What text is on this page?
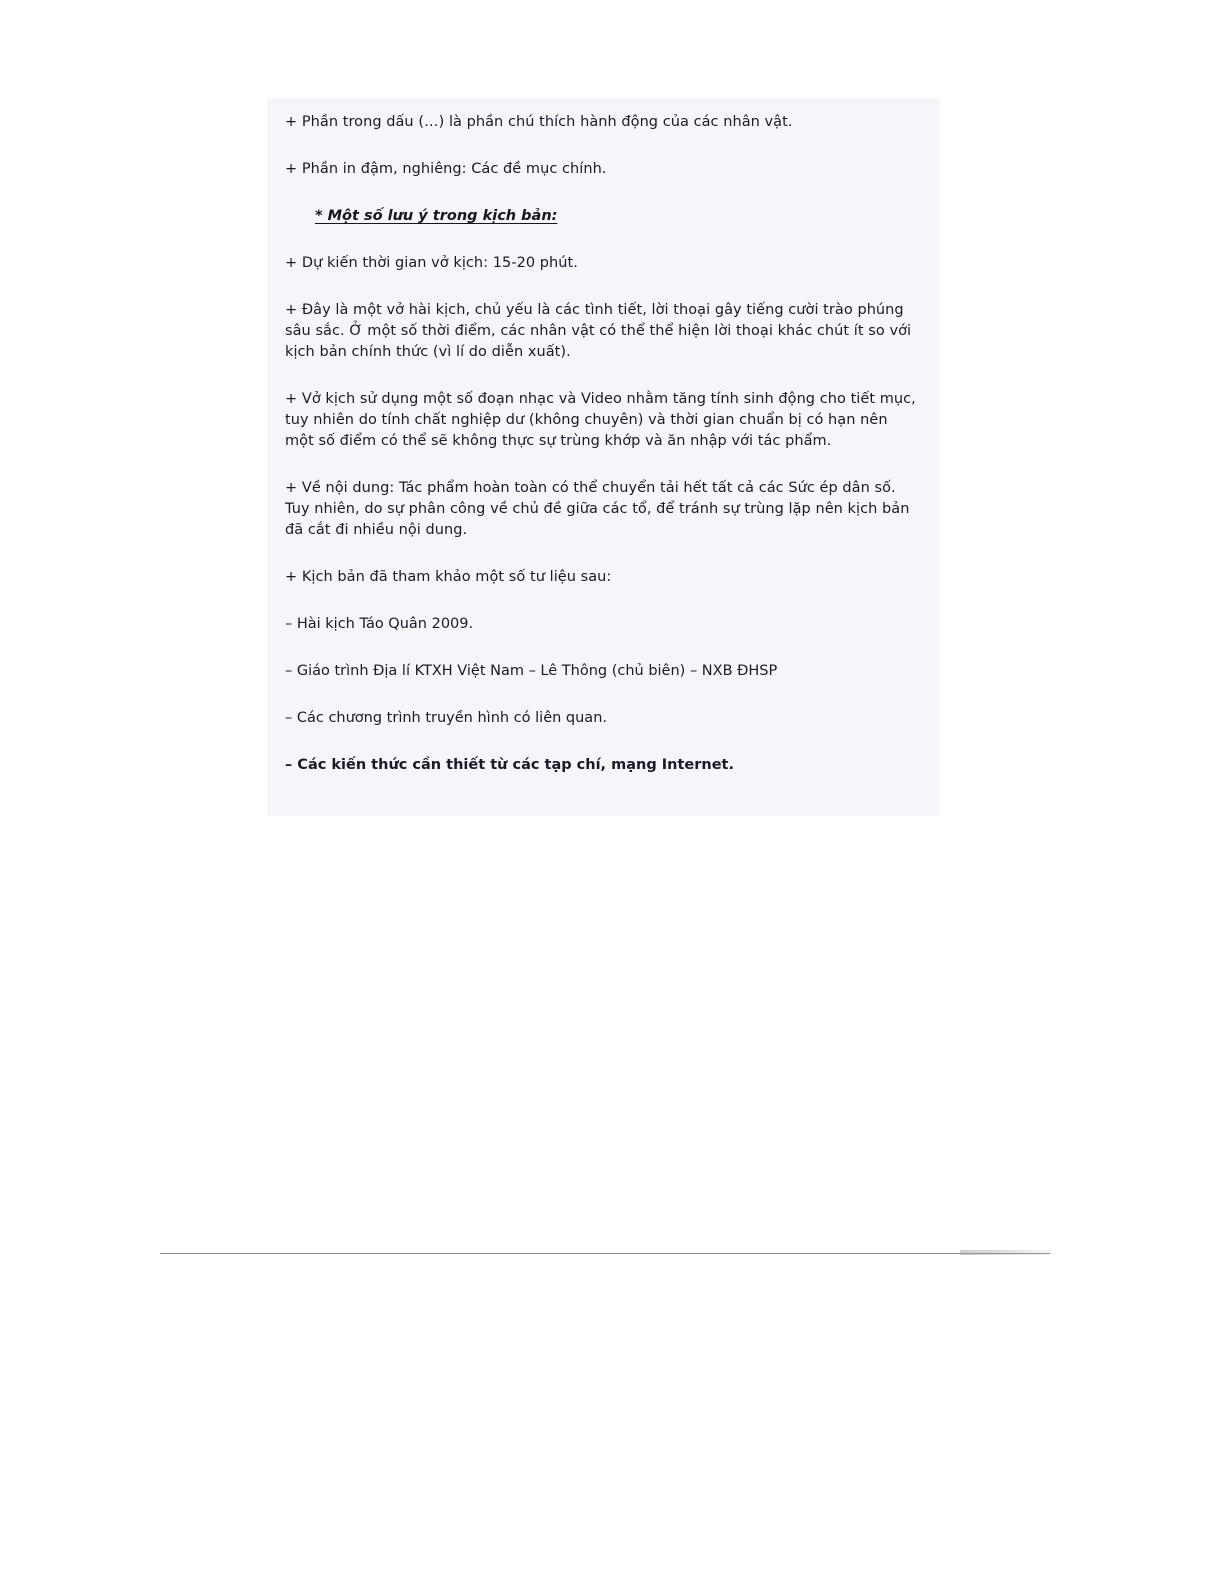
+ Phần trong dấu (…) là phần chú thích hành động của các nhân vật.

+ Phần in đậm, nghiêng: Các đề mục chính.

* Một số lưu ý trong kịch bản:

+ Dự kiến thời gian vở kịch: 15-20 phút.

+ Đây là một vở hài kịch, chủ yếu là các tình tiết, lời thoại gây tiếng cười trào phúng sâu sắc. Ở một số thời điểm, các nhân vật có thể thể hiện lời thoại khác chút ít so với kịch bản chính thức (vì lí do diễn xuất).

+ Vở kịch sử dụng một số đoạn nhạc và Video nhằm tăng tính sinh động cho tiết mục, tuy nhiên do tính chất nghiệp dư (không chuyên) và thời gian chuẩn bị có hạn nên một số điểm có thể sẽ không thực sự trùng khớp và ăn nhập với tác phẩm.

+ Về nội dung: Tác phẩm hoàn toàn có thể chuyển tải hết tất cả các Sức ép dân số. Tuy nhiên, do sự phân công về chủ đề giữa các tổ, để tránh sự trùng lặp nên kịch bản đã cắt đi nhiều nội dung.

+ Kịch bản đã tham khảo một số tư liệu sau:

– Hài kịch Táo Quân 2009.

– Giáo trình Địa lí KTXH Việt Nam – Lê Thông (chủ biên) – NXB ĐHSP

– Các chương trình truyền hình có liên quan.

– Các kiến thức cần thiết từ các tạp chí, mạng Internet.
